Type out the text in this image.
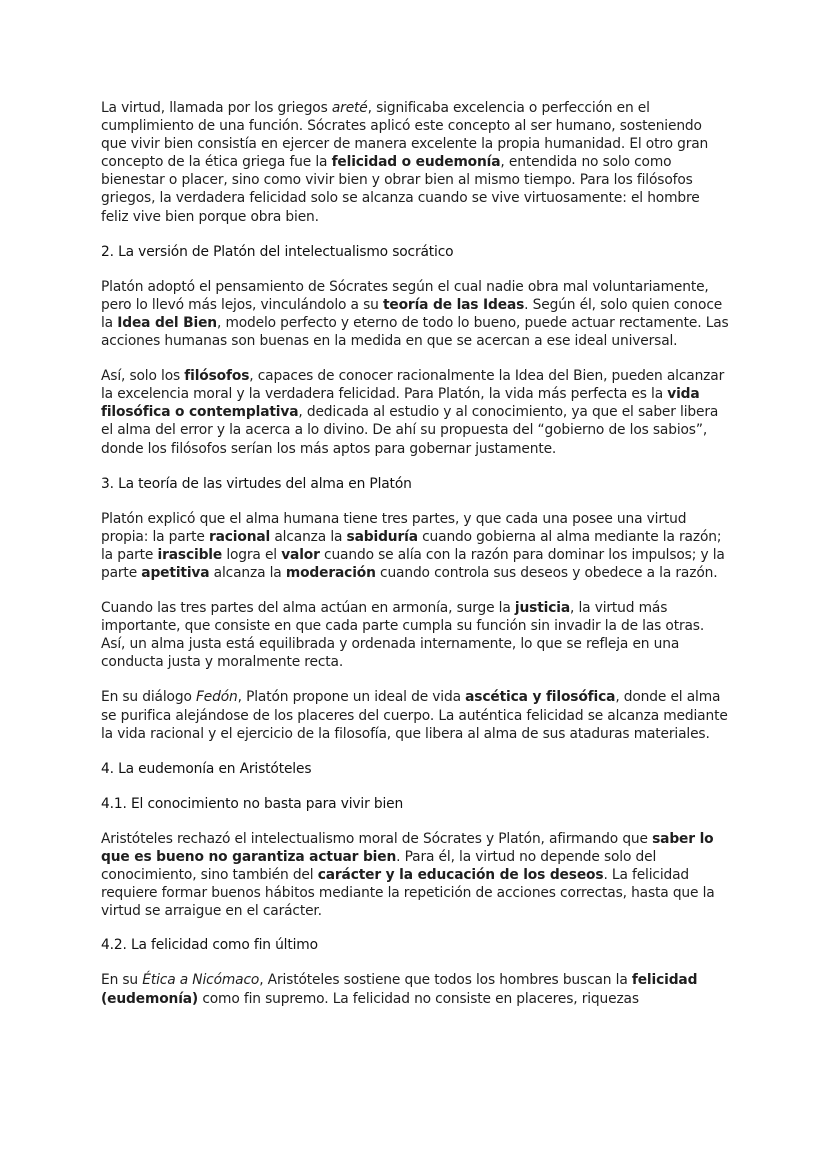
La virtud, llamada por los griegos areté, significaba excelencia o perfección en el cumplimiento de una función. Sócrates aplicó este concepto al ser humano, sosteniendo que vivir bien consistía en ejercer de manera excelente la propia humanidad. El otro gran concepto de la ética griega fue la felicidad o eudemonía, entendida no solo como bienestar o placer, sino como vivir bien y obrar bien al mismo tiempo. Para los filósofos griegos, la verdadera felicidad solo se alcanza cuando se vive virtuosamente: el hombre feliz vive bien porque obra bien.

2. La versión de Platón del intelectualismo socrático

Platón adoptó el pensamiento de Sócrates según el cual nadie obra mal voluntariamente, pero lo llevó más lejos, vinculándolo a su teoría de las Ideas. Según él, solo quien conoce la Idea del Bien, modelo perfecto y eterno de todo lo bueno, puede actuar rectamente. Las acciones humanas son buenas en la medida en que se acercan a ese ideal universal.

Así, solo los filósofos, capaces de conocer racionalmente la Idea del Bien, pueden alcanzar la excelencia moral y la verdadera felicidad. Para Platón, la vida más perfecta es la vida filosófica o contemplativa, dedicada al estudio y al conocimiento, ya que el saber libera el alma del error y la acerca a lo divino. De ahí su propuesta del “gobierno de los sabios”, donde los filósofos serían los más aptos para gobernar justamente.

3. La teoría de las virtudes del alma en Platón

Platón explicó que el alma humana tiene tres partes, y que cada una posee una virtud propia: la parte racional alcanza la sabiduría cuando gobierna al alma mediante la razón; la parte irascible logra el valor cuando se alía con la razón para dominar los impulsos; y la parte apetitiva alcanza la moderación cuando controla sus deseos y obedece a la razón.

Cuando las tres partes del alma actúan en armonía, surge la justicia, la virtud más importante, que consiste en que cada parte cumpla su función sin invadir la de las otras. Así, un alma justa está equilibrada y ordenada internamente, lo que se refleja en una conducta justa y moralmente recta.

En su diálogo Fedón, Platón propone un ideal de vida ascética y filosófica, donde el alma se purifica alejándose de los placeres del cuerpo. La auténtica felicidad se alcanza mediante la vida racional y el ejercicio de la filosofía, que libera al alma de sus ataduras materiales.

4. La eudemonía en Aristóteles

4.1. El conocimiento no basta para vivir bien

Aristóteles rechazó el intelectualismo moral de Sócrates y Platón, afirmando que saber lo que es bueno no garantiza actuar bien. Para él, la virtud no depende solo del conocimiento, sino también del carácter y la educación de los deseos. La felicidad requiere formar buenos hábitos mediante la repetición de acciones correctas, hasta que la virtud se arraigue en el carácter.

4.2. La felicidad como fin último

En su Ética a Nicómaco, Aristóteles sostiene que todos los hombres buscan la felicidad (eudemonía) como fin supremo. La felicidad no consiste en placeres, riquezas
